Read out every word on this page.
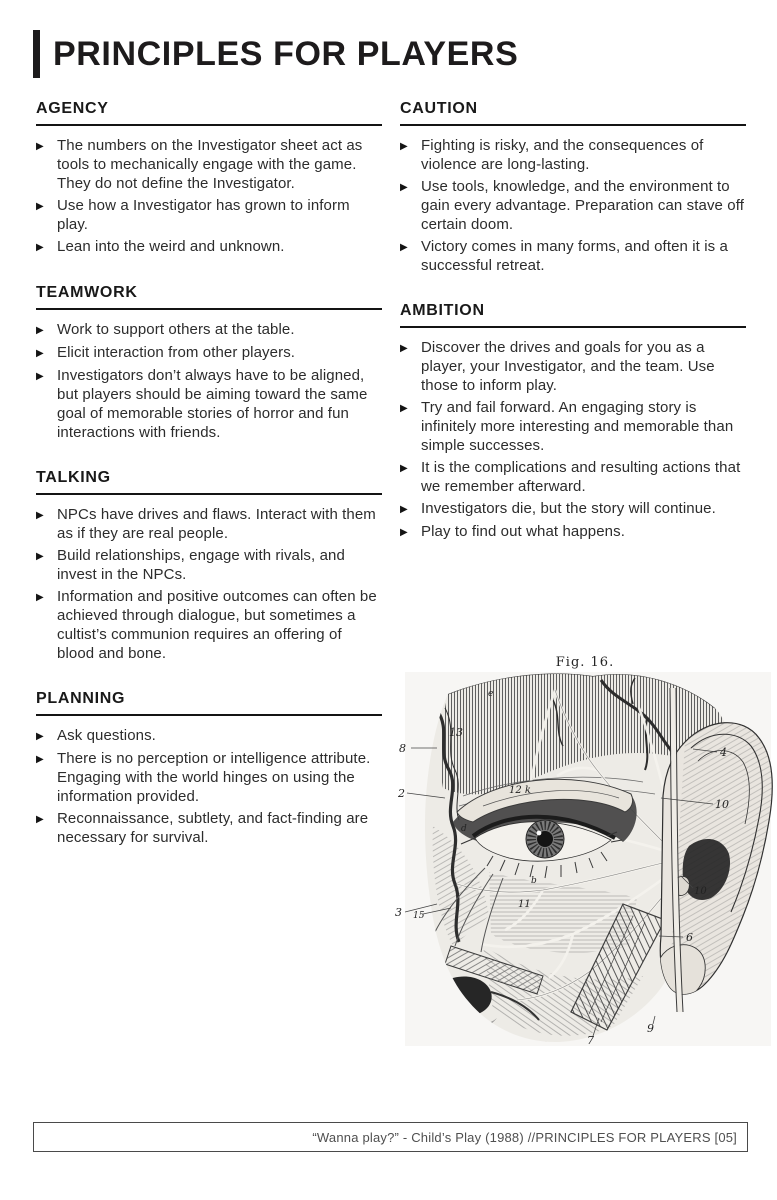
PRINCIPLES FOR PLAYERS
AGENCY
▶ The numbers on the Investigator sheet act as tools to mechanically engage with the game. They do not define the Investigator.
▶ Use how a Investigator has grown to inform play.
▶ Lean into the weird and unknown.
TEAMWORK
▶ Work to support others at the table.
▶ Elicit interaction from other players.
▶ Investigators don’t always have to be aligned, but players should be aiming toward the same goal of memorable stories of horror and fun interactions with friends.
TALKING
▶ NPCs have drives and flaws. Interact with them as if they are real people.
▶ Build relationships, engage with rivals, and invest in the NPCs.
▶ Information and positive outcomes can often be achieved through dialogue, but sometimes a cultist’s communion requires an offering of blood and bone.
PLANNING
▶ Ask questions.
▶ There is no perception or intelligence attribute. Engaging with the world hinges on using the information provided.
▶ Reconnaissance, subtlety, and fact-finding are necessary for survival.
CAUTION
▶ Fighting is risky, and the consequences of violence are long-lasting.
▶ Use tools, knowledge, and the environment to gain every advantage. Preparation can stave off certain doom.
▶ Victory comes in many forms, and often it is a successful retreat.
AMBITION
▶ Discover the drives and goals for you as a player, your Investigator, and the team. Use those to inform play.
▶ Try and fail forward. An engaging story is infinitely more interesting and memorable than simple successes.
▶ It is the complications and resulting actions that we remember afterward.
▶ Investigators die, but the story will continue.
▶ Play to find out what happens.
Fig. 16.
8
13
e
2	12 k
d
b
11
3 15
4
10
10
6
9
7
“Wanna play?” - Child’s Play (1988) //PRINCIPLES FOR PLAYERS [05]
